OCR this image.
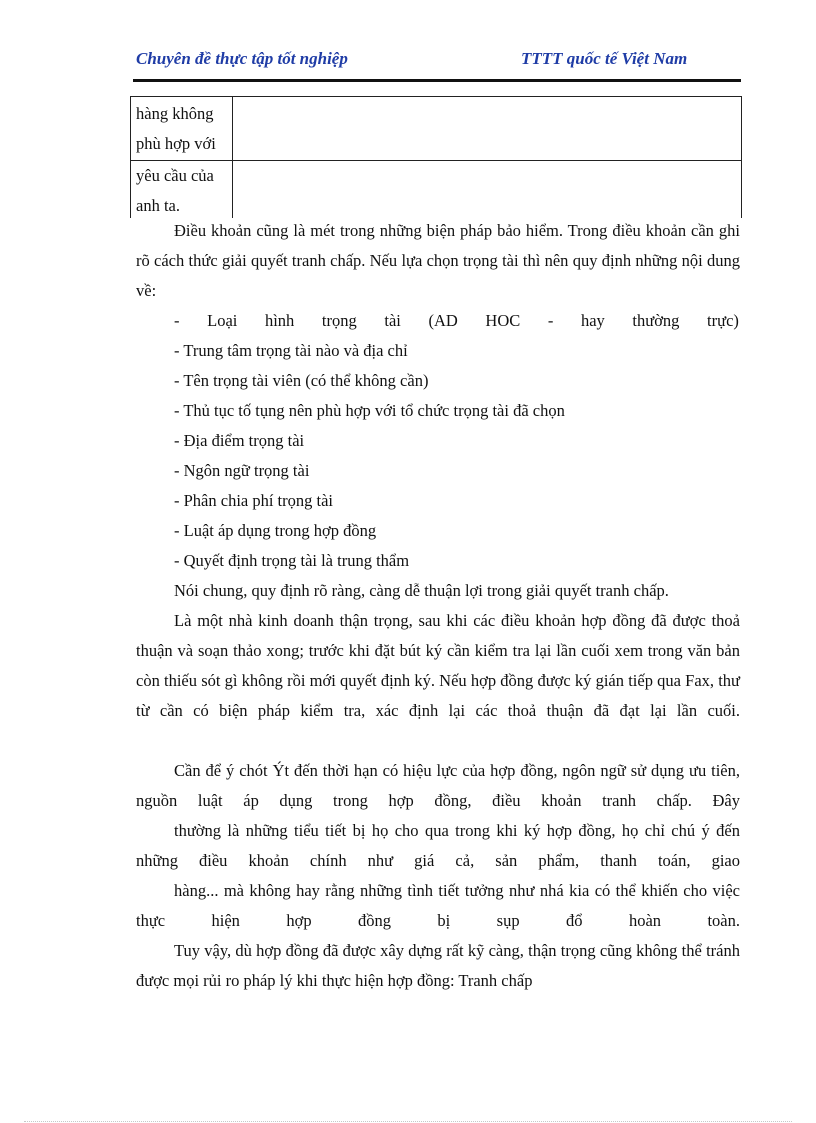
Chuyên đề thực tập tốt nghiệp	TTTT quốc tế Việt Nam
hàng không
phù hợp với
yêu cầu của
anh ta.

Điều khoản cũng là mét trong những biện pháp bảo hiểm. Trong điều khoản cần ghi rõ cách thức giải quyết tranh chấp. Nếu lựa chọn trọng tài thì nên quy định những nội dung về:

- Loại hình trọng tài (AD HOC - hay thường trực)
- Trung tâm trọng tài nào và địa chỉ
- Tên trọng tài viên (có thể không cần)
- Thủ tục tố tụng nên phù hợp với tổ chức trọng tài đã chọn
- Địa điểm trọng tài
- Ngôn ngữ trọng tài
- Phân chia phí trọng tài
- Luật áp dụng trong hợp đồng
- Quyết định trọng tài là trung thẩm

Nói chung, quy định rõ ràng, càng dễ thuận lợi trong giải quyết tranh chấp.

Là một nhà kinh doanh thận trọng, sau khi các điều khoản hợp đồng đã được thoả thuận và soạn thảo xong; trước khi đặt bút ký cần kiểm tra lại lần cuối xem trong văn bản còn thiếu sót gì không rồi mới quyết định ký. Nếu hợp đồng được ký gián tiếp qua Fax, thư từ cần có biện pháp kiểm tra, xác định lại các thoả thuận đã đạt lại lần cuối.

Cần để ý chót Ýt đến thời hạn có hiệu lực của hợp đồng, ngôn ngữ sử dụng ưu tiên, nguồn luật áp dụng trong hợp đồng, điều khoản tranh chấp. Đây

thường là những tiểu tiết bị họ cho qua trong khi ký hợp đồng, họ chỉ chú ý đến những điều khoản chính như giá cả, sản phẩm, thanh toán, giao

hàng... mà không hay rằng những tình tiết tưởng như nhá kia có thể khiến cho việc thực hiện hợp đồng bị sụp đổ hoàn toàn.

Tuy vậy, dù hợp đồng đã được xây dựng rất kỹ càng, thận trọng cũng không thể tránh được mọi rủi ro pháp lý khi thực hiện hợp đồng: Tranh chấp
